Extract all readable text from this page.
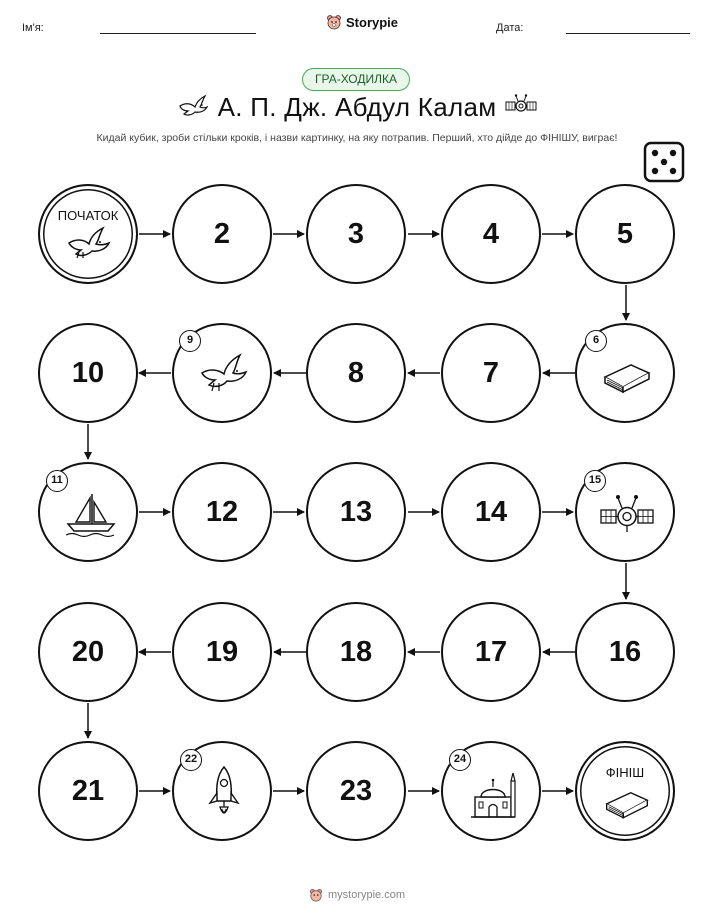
Ім'я:	Storypie	Дата:
ГРА-ХОДИЛКА
А. П. Дж. Абдул Калам
Кидай кубик, зроби стільки кроків, і назви картинку, на яку потрапив. Перший, хто дійде до ФІНІШУ, виграє!
ПОЧАТОК
2	3	4	5
10
9
8	7
6
11
12	13	14
15
20	19	18	17	16
21
22
23
24
ФІНІШ
mystorypie.com
